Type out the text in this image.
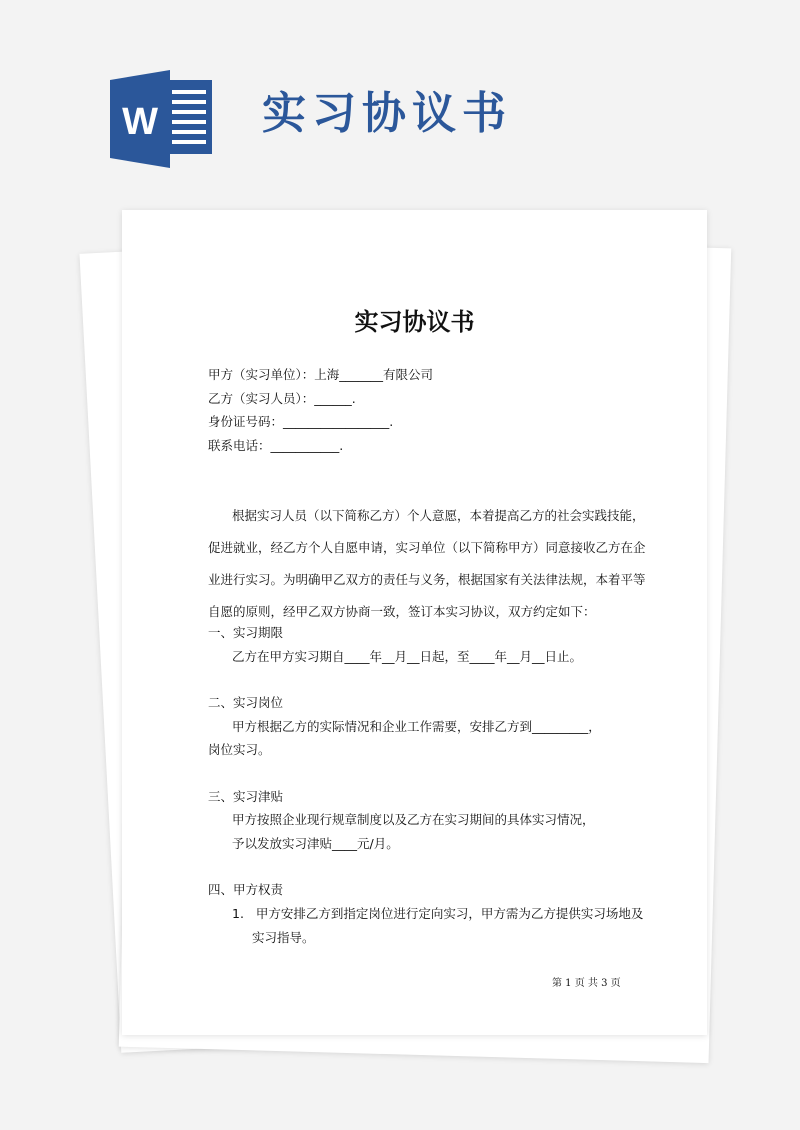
W 实习协议书
实习协议书
甲方（实习单位）：上海_______有限公司
乙方（实习人员）：______.
身份证号码：_________________.
联系电话：___________.
根据实习人员（以下简称乙方）个人意愿，本着提高乙方的社会实践技能，
促进就业，经乙方个人自愿申请，实习单位（以下简称甲方）同意接收乙方在企
业进行实习。为明确甲乙双方的责任与义务，根据国家有关法律法规，本着平等
自愿的原则，经甲乙双方协商一致，签订本实习协议，双方约定如下：
一、实习期限
乙方在甲方实习期自____年__月__日起，至____年__月__日止。
二、实习岗位
甲方根据乙方的实际情况和企业工作需要，安排乙方到_________，
岗位实习。
三、实习津贴
甲方按照企业现行规章制度以及乙方在实习期间的具体实习情况，
予以发放实习津贴____元/月。
四、甲方权责
1.   甲方安排乙方到指定岗位进行定向实习，甲方需为乙方提供实习场地及
实习指导。
第 1 页 共 3 页
